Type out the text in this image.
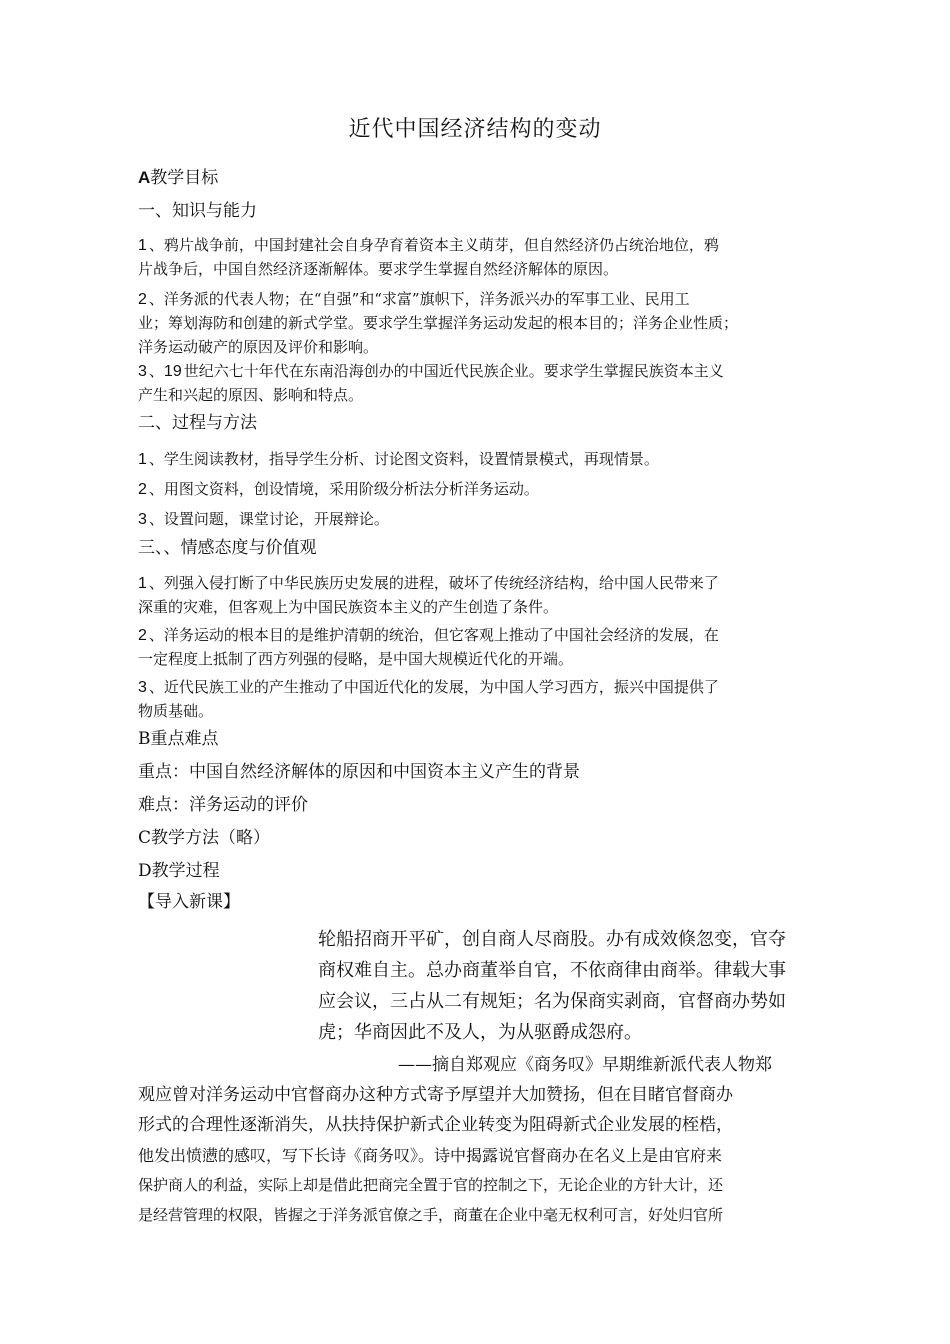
近代中国经济结构的变动
A教学目标
一、知识与能力
1 、鸦片战争前，中国封建社会自身孕育着资本主义萌芽，但自然经济仍占统治地位，鸦
片战争后，中国自然经济逐渐解体。要求学生掌握自然经济解体的原因。
2 、洋务派的代表人物；在“自强”和“求富”旗帜下，洋务派兴办的军事工业、民用工
业；筹划海防和创建的新式学堂。要求学生掌握洋务运动发起的根本目的；洋务企业性质；
洋务运动破产的原因及评价和影响。
3 、19 世纪六七十年代在东南沿海创办的中国近代民族企业。要求学生掌握民族资本主义
产生和兴起的原因、影响和特点。
二、过程与方法
1 、学生阅读教材，指导学生分析、讨论图文资料，设置情景模式，再现情景。
2 、用图文资料，创设情境，采用阶级分析法分析洋务运动。
3 、设置问题，课堂讨论，开展辩论。
三、、情感态度与价值观
1 、列强入侵打断了中华民族历史发展的进程，破坏了传统经济结构，给中国人民带来了
深重的灾难，但客观上为中国民族资本主义的产生创造了条件。
2 、洋务运动的根本目的是维护清朝的统治，但它客观上推动了中国社会经济的发展，在
一定程度上抵制了西方列强的侵略，是中国大规模近代化的开端。
3 、近代民族工业的产生推动了中国近代化的发展，为中国人学习西方，振兴中国提供了
物质基础。
B重点难点
重点：中国自然经济解体的原因和中国资本主义产生的背景
难点：洋务运动的评价
C教学方法（略）
D教学过程
【导入新课】
轮船招商开平矿，创自商人尽商股。办有成效倏忽变，官夺
商权难自主。总办商董举自官，不依商律由商举。律载大事
应会议，三占从二有规矩；名为保商实剥商，官督商办势如
虎；华商因此不及人，为从驱爵成怨府。
——摘自郑观应《商务叹》早期维新派代表人物郑
观应曾对洋务运动中官督商办这种方式寄予厚望并大加赞扬，但在目睹官督商办
形式的合理性逐渐消失，从扶持保护新式企业转变为阻碍新式企业发展的桎梏，
他发出愤懑的感叹，写下长诗《商务叹》。诗中揭露说官督商办在名义上是由官府来
保护商人的利益，实际上却是借此把商完全置于官的控制之下，无论企业的方针大计，还
是经营管理的权限，皆握之于洋务派官僚之手，商董在企业中毫无权利可言，好处归官所
